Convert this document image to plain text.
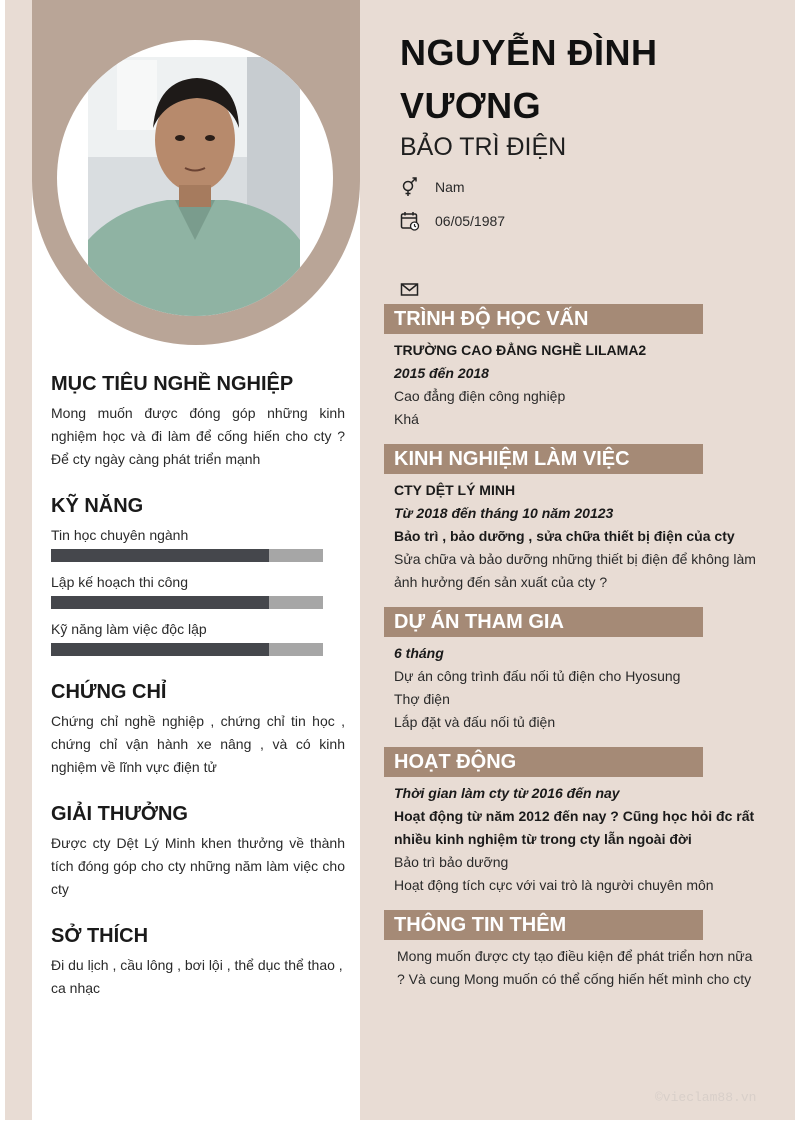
MỤC TIÊU NGHỀ NGHIỆP

Mong muốn được đóng góp những kinh nghiệm học và đi làm để cống hiến cho cty ? Để cty ngày càng phát triển mạnh

KỸ NĂNG
Tin học chuyên ngành
Lập kế hoạch thi công
Kỹ năng làm việc độc lập
CHỨNG CHỈ

Chứng chỉ nghề nghiệp , chứng chỉ tin học , chứng chỉ vận hành xe nâng , và có kinh nghiệm về lĩnh vực điện tử

GIẢI THƯỞNG

Được cty Dệt Lý Minh khen thưởng về thành tích đóng góp cho cty những năm làm việc cho cty

SỞ THÍCH

Đi du lịch , cầu lông , bơi lội , thể dục thể thao , ca nhạc

NGUYỄN ĐÌNH VƯƠNG
BẢO TRÌ ĐIỆN
Nam
06/05/1987
TRÌNH ĐỘ HỌC VẤN
TRƯỜNG CAO ĐẲNG NGHỀ LILAMA2
2015 đến 2018
Cao đẳng điện công nghiệp
Khá
KINH NGHIỆM LÀM VIỆC
CTY DỆT LÝ MINH
Từ 2018 đến tháng 10 năm 20123
Bảo trì , bảo dưỡng , sửa chữa thiết bị điện của cty
Sửa chữa và bảo dưỡng những thiết bị điện để không làm ảnh hưởng đến sản xuất của cty ?
DỰ ÁN THAM GIA
6 tháng
Dự án công trình đấu nối tủ điện cho Hyosung
Thợ điện
Lắp đặt và đấu nối tủ điện
HOẠT ĐỘNG
Thời gian làm cty từ 2016 đến nay
Hoạt động từ năm 2012 đến nay ? Cũng học hỏi đc rất nhiều kinh nghiệm từ trong cty lẫn ngoài đời
Bảo trì bảo dưỡng
Hoạt động tích cực với vai trò là người chuyên môn
THÔNG TIN THÊM
Mong muốn được cty tạo điều kiện để phát triển hơn nữa ? Và cung Mong muốn có thể cống hiến hết mình cho cty
©vieclam88.vn
